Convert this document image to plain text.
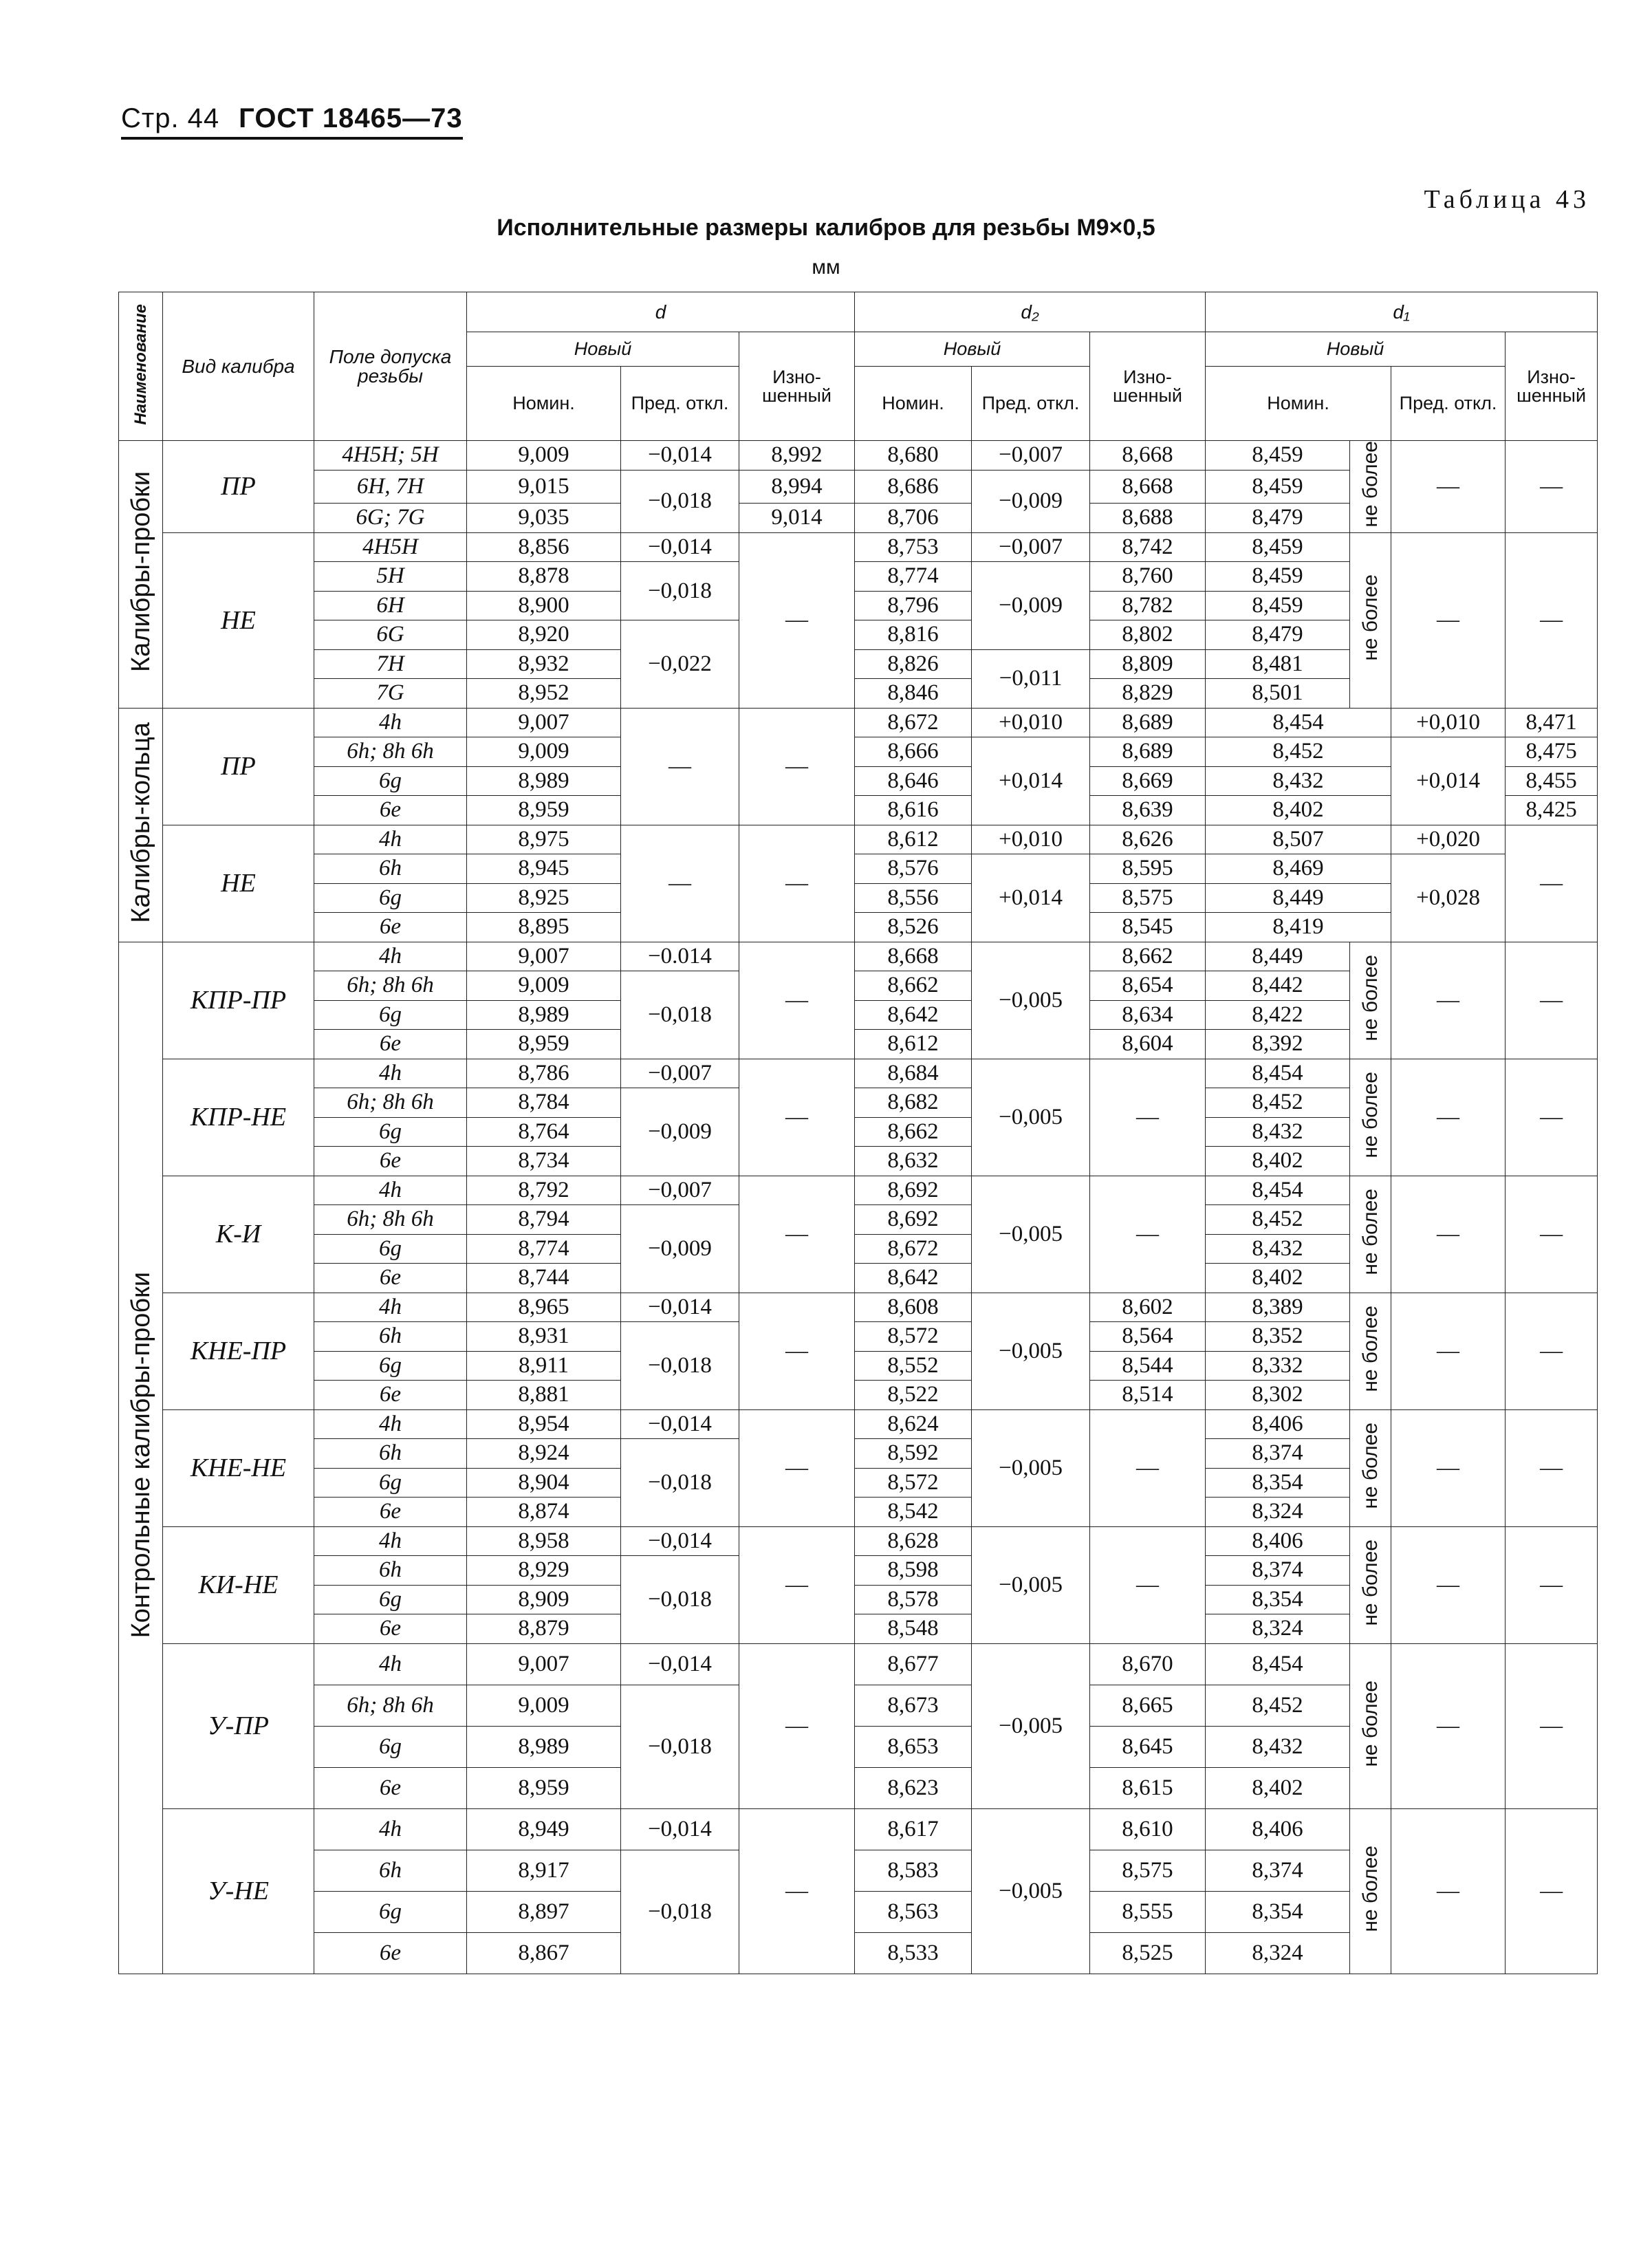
Стр. 44 ГОСТ 18465—73
Таблица 43
Исполнительные размеры калибров для резьбы М9×0,5
мм
Наименование	Вид калибра	Поле допуска резьбы	d			d₂			d₁			
			Новый		Изно-шенный	Новый		Изно-шенный	Новый			Изно-шенный
			Номин.	Пред. откл.		Номин.	Пред. откл.		Номин.		Пред. откл.	
Калибры-пробки	ПР	4H5H; 5H	9,009	−0,014	8,992	8,680	−0,007	8,668	8,459	не более	—	—
		6H, 7H	9,015	−0,018	8,994	8,686	−0,009	8,668	8,459			
		6G; 7G	9,035		9,014	8,706		8,688	8,479			
	НЕ	4H5H	8,856	−0,014	—	8,753	−0,007	8,742	8,459	не более	—	—
		5H	8,878	−0,018		8,774	−0,009	8,760	8,459			
		6H	8,900			8,796		8,782	8,459			
		6G	8,920	−0,022		8,816		8,802	8,479			
		7H	8,932			8,826	−0,011	8,809	8,481			
		7G	8,952			8,846		8,829	8,501			
Калибры-кольца	ПР	4h	9,007	—	—	8,672	+0,010	8,689	8,454		+0,010	8,471
		6h; 8h 6h	9,009			8,666	+0,014	8,689	8,452		+0,014	8,475
		6g	8,989			8,646		8,669	8,432			8,455
		6e	8,959			8,616		8,639	8,402			8,425
	НЕ	4h	8,975	—	—	8,612	+0,010	8,626	8,507		+0,020	—
		6h	8,945			8,576	+0,014	8,595	8,469		+0,028	
		6g	8,925			8,556		8,575	8,449			
		6e	8,895			8,526		8,545	8,419			
Контрольные калибры-пробки	КПР-ПР	4h	9,007	−0.014	—	8,668	−0,005	8,662	8,449	не более	—	—
		6h; 8h 6h	9,009	−0,018		8,662		8,654	8,442			
		6g	8,989			8,642		8,634	8,422			
		6e	8,959			8,612		8,604	8,392			
	КПР-НЕ	4h	8,786	−0,007	—	8,684	−0,005	—	8,454	не более	—	—
		6h; 8h 6h	8,784	−0,009		8,682			8,452			
		6g	8,764			8,662			8,432			
		6e	8,734			8,632			8,402			
	К-И	4h	8,792	−0,007	—	8,692	−0,005	—	8,454	не более	—	—
		6h; 8h 6h	8,794	−0,009		8,692			8,452			
		6g	8,774			8,672			8,432			
		6e	8,744			8,642			8,402			
	КНЕ-ПР	4h	8,965	−0,014	—	8,608	−0,005	8,602	8,389	не более	—	—
		6h	8,931	−0,018		8,572		8,564	8,352			
		6g	8,911			8,552		8,544	8,332			
		6e	8,881			8,522		8,514	8,302			
	КНЕ-НЕ	4h	8,954	−0,014	—	8,624	−0,005	—	8,406	не более	—	—
		6h	8,924	−0,018		8,592			8,374			
		6g	8,904			8,572			8,354			
		6e	8,874			8,542			8,324			
	КИ-НЕ	4h	8,958	−0,014	—	8,628	−0,005	—	8,406	не более	—	—
		6h	8,929	−0,018		8,598			8,374			
		6g	8,909			8,578			8,354			
		6e	8,879			8,548			8,324			
	У-ПР	4h	9,007	−0,014	—	8,677	−0,005	8,670	8,454	не более	—	—
		6h; 8h 6h	9,009	−0,018		8,673		8,665	8,452			
		6g	8,989			8,653		8,645	8,432			
		6e	8,959			8,623		8,615	8,402			
	У-НЕ	4h	8,949	−0,014	—	8,617	−0,005	8,610	8,406	не более	—	—
		6h	8,917	−0,018		8,583		8,575	8,374			
		6g	8,897			8,563		8,555	8,354			
		6e	8,867			8,533		8,525	8,324			
